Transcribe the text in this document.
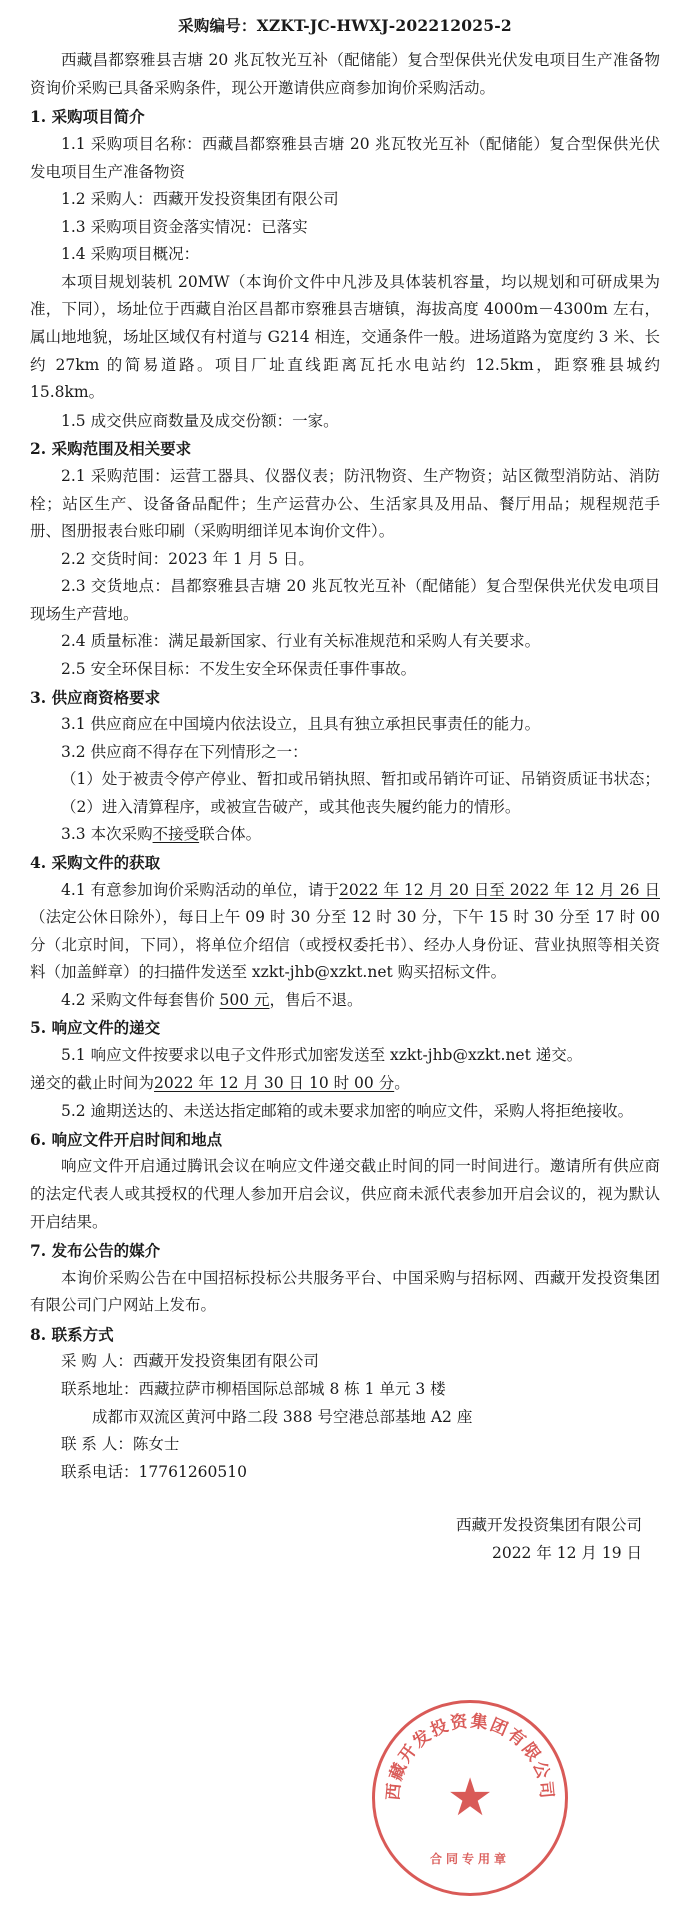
采购编号：XZKT-JC-HWXJ-202212025-2

西藏昌都察雅县吉塘 20 兆瓦牧光互补（配储能）复合型保供光伏发电项目生产准备物资询价采购已具备采购条件，现公开邀请供应商参加询价采购活动。

1. 采购项目简介

1.1 采购项目名称：西藏昌都察雅县吉塘 20 兆瓦牧光互补（配储能）复合型保供光伏发电项目生产准备物资

1.2 采购人：西藏开发投资集团有限公司

1.3 采购项目资金落实情况：已落实

1.4 采购项目概况：

本项目规划装机 20MW（本询价文件中凡涉及具体装机容量，均以规划和可研成果为准，下同），场址位于西藏自治区昌都市察雅县吉塘镇，海拔高度 4000m－4300m 左右，属山地地貌，场址区域仅有村道与 G214 相连，交通条件一般。进场道路为宽度约 3 米、长约 27km 的简易道路。项目厂址直线距离瓦托水电站约 12.5km，距察雅县城约 15.8km。

1.5 成交供应商数量及成交份额：一家。

2. 采购范围及相关要求

2.1 采购范围：运营工器具、仪器仪表；防汛物资、生产物资；站区微型消防站、消防栓；站区生产、设备备品配件；生产运营办公、生活家具及用品、餐厅用品；规程规范手册、图册报表台账印刷（采购明细详见本询价文件）。

2.2 交货时间：2023 年 1 月 5 日。

2.3 交货地点：昌都察雅县吉塘 20 兆瓦牧光互补（配储能）复合型保供光伏发电项目现场生产营地。

2.4 质量标准：满足最新国家、行业有关标准规范和采购人有关要求。

2.5 安全环保目标：不发生安全环保责任事件事故。

3. 供应商资格要求

3.1 供应商应在中国境内依法设立，且具有独立承担民事责任的能力。

3.2 供应商不得存在下列情形之一：

（1）处于被责令停产停业、暂扣或吊销执照、暂扣或吊销许可证、吊销资质证书状态；

（2）进入清算程序，或被宣告破产，或其他丧失履约能力的情形。

3.3 本次采购不接受联合体。

4. 采购文件的获取

4.1 有意参加询价采购活动的单位，请于2022 年 12 月 20 日至 2022 年 12 月 26 日（法定公休日除外），每日上午 09 时 30 分至 12 时 30 分，下午 15 时 30 分至 17 时 00 分（北京时间，下同），将单位介绍信（或授权委托书）、经办人身份证、营业执照等相关资料（加盖鲜章）的扫描件发送至 xzkt-jhb@xzkt.net 购买招标文件。

4.2 采购文件每套售价 500 元，售后不退。

5. 响应文件的递交

5.1 响应文件按要求以电子文件形式加密发送至 xzkt-jhb@xzkt.net 递交。

递交的截止时间为2022 年 12 月 30 日 10 时 00 分。

5.2 逾期送达的、未送达指定邮箱的或未要求加密的响应文件，采购人将拒绝接收。

6. 响应文件开启时间和地点

响应文件开启通过腾讯会议在响应文件递交截止时间的同一时间进行。邀请所有供应商的法定代表人或其授权的代理人参加开启会议，供应商未派代表参加开启会议的，视为默认开启结果。

7. 发布公告的媒介

本询价采购公告在中国招标投标公共服务平台、中国采购与招标网、西藏开发投资集团有限公司门户网站上发布。

8. 联系方式

采 购 人：西藏开发投资集团有限公司

联系地址：西藏拉萨市柳梧国际总部城 8 栋 1 单元 3 楼

成都市双流区黄河中路二段 388 号空港总部基地 A2 座

联 系 人：陈女士

联系电话：17761260510

西藏开发投资集团有限公司
2022 年 12 月 19 日
西藏开发投资集团有限公司
★
合同专用章
